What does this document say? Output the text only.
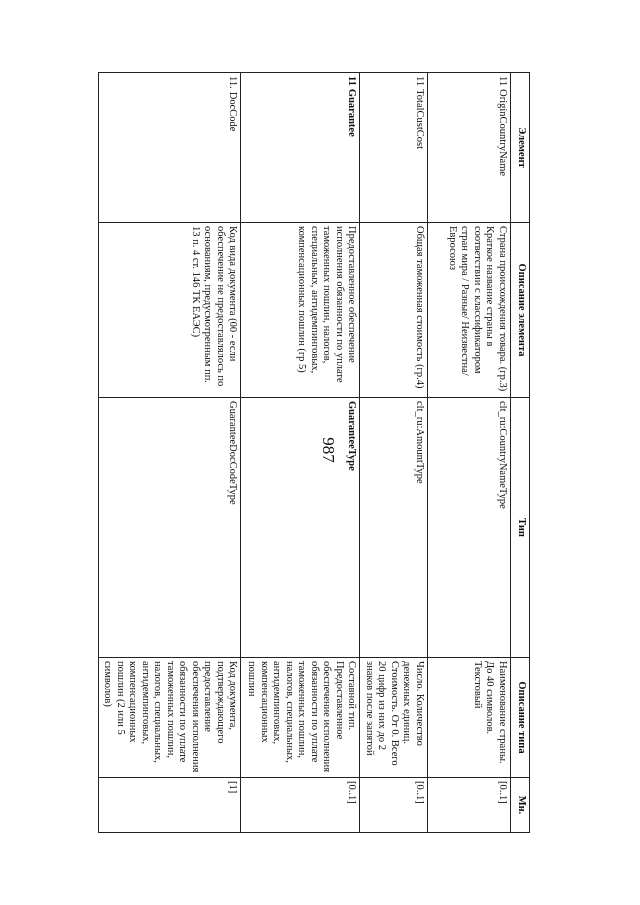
987
Элемент	Описание элемента	Тип	Описание типа	Мн.
11OriginCountryName	Страна происхождения товара. (гр.3) Краткое название страны в соответствии с классификатором стран мира / Разные/ Неизвестна/ Евросоюз	clt_ru:CountryNameType	Наименование страны. До 40 символов. Текстовый	[0..1]
11TotalCustCost	Общая таможенная стоимость (гр.4)	clt_ru:AmountType	Число. Количество денежных единиц. Стоимость. От 0. Всего 20 цифр из них до 2 знаков после запятой	[0..1]
11Guarantee	Предоставленное обеспечение исполнения обязанности по уплате таможенных пошлин, налогов, специальных, антидемпинговых, компенсационных пошлин (гр 5)	GuaranteeType	Составной тип. Предоставленное обеспечение исполнения обязанности по уплате таможенных пошлин, налогов, специальных, антидемпинговых, компенсационных пошлин	[0..1]
11.DocCode	Код вида документа (00 - если обеспечение не предоставлялось по основаниям, предусмотренным пп. 13 п. 4 ст. 146 ТК ЕАЭС)	GuaranteeDocCodeType	Код документа, подтверждающего предоставление обеспечения исполнения обязанности по уплате таможенных пошлин, налогов, специальных, антидемпинговых, компенсационных пошлин (2 или 5 символов)	[1]
